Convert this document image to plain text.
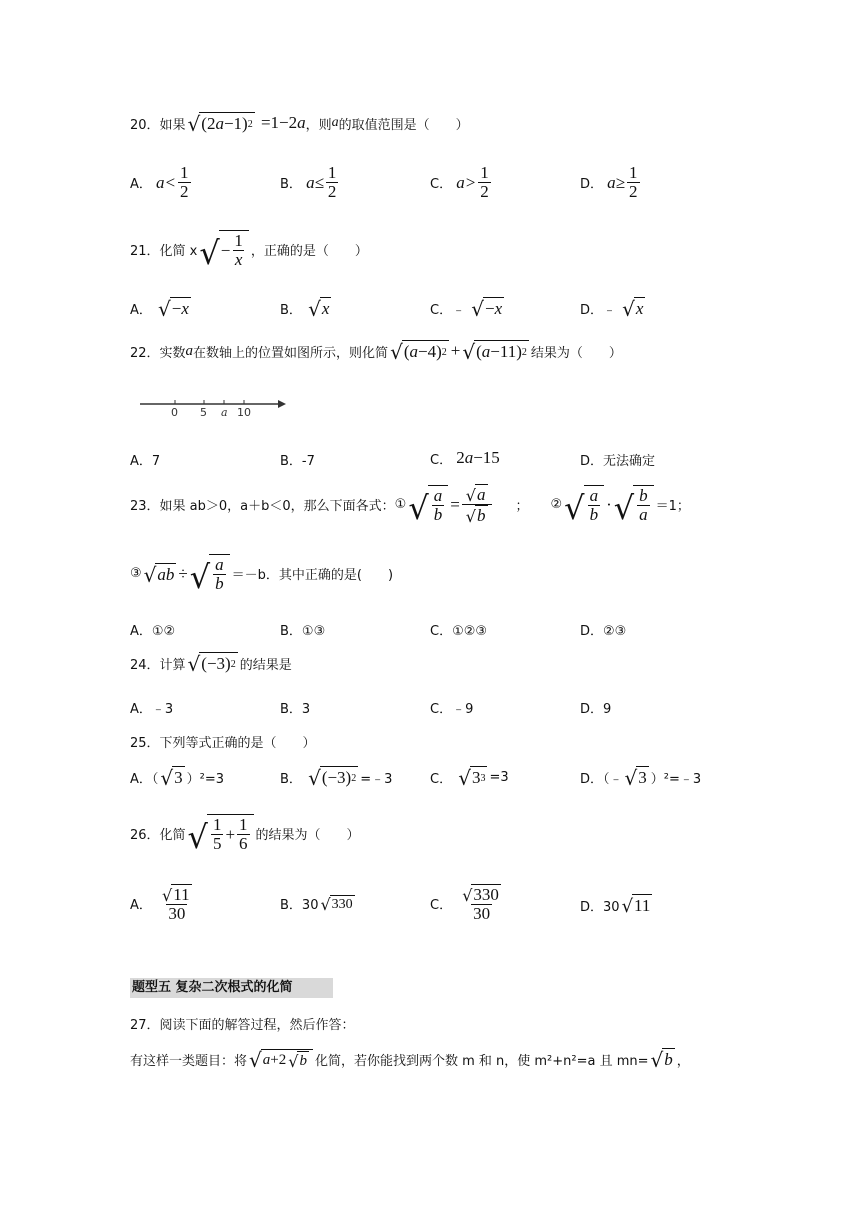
20．如果 √ (2 a −1) 2 =1−2a ，则 a 的取值范围是（　　）
A．
$a< \frac{1}{2}$	B．
$a\le \frac{1}{2}$	C．
$a> \frac{1}{2}$	D．
$a\ge \frac{1}{2}$
21．化简 x √ − $\frac{1}{x}$ ，正确的是（　　）
A．
√ − x	B．
√ x	C．﹣
√ − x	D．﹣
√ x
22．实数 a 在数轴上的位置如图所示，则化简 √ ( a −4) 2 + √ ( a −11) 2 结果为（　　）
0 5 a 10
A．7	B．-7	C．
2a−15	D．无法确定
23．如果 ab＞0，a＋b＜0，那么下面各式： ① √ $\frac{a}{b} = \frac{√ a}{√ b}$ ； ② √ $\frac{a}{b}$ · √ $\frac{b}{a} =1$；
③ √ ab ÷ √ $\frac{a}{b} =-b$．其中正确的是(　　)
A．①②	B．①③	C．①②③	D．②③
24．计算 √ (−3) 2 的结果是
A．﹣3	B．3	C．﹣9	D．9
25．下列等式正确的是（　　）
A．（ √ 3 ）²=3	B．
√ (−3) 2 =﹣3	C．
√ 3 3 =3	D．（﹣ √ 3 ）²=﹣3
26．化简 √ $\frac{1}{5} + \frac{1}{6}$ 的结果为（　　）
A．
$\frac{√ 11}{30}$	B．30 √ 330	C．
$\frac{√ 330}{30}$	D．30 √ 11
题型五 复杂二次根式的化简
27．阅读下面的解答过程，然后作答：
有这样一类题目：将 √ a +2 √ b 化简，若你能找到两个数 m 和 n，使 m²+n²=a 且 mn= √ b ，
